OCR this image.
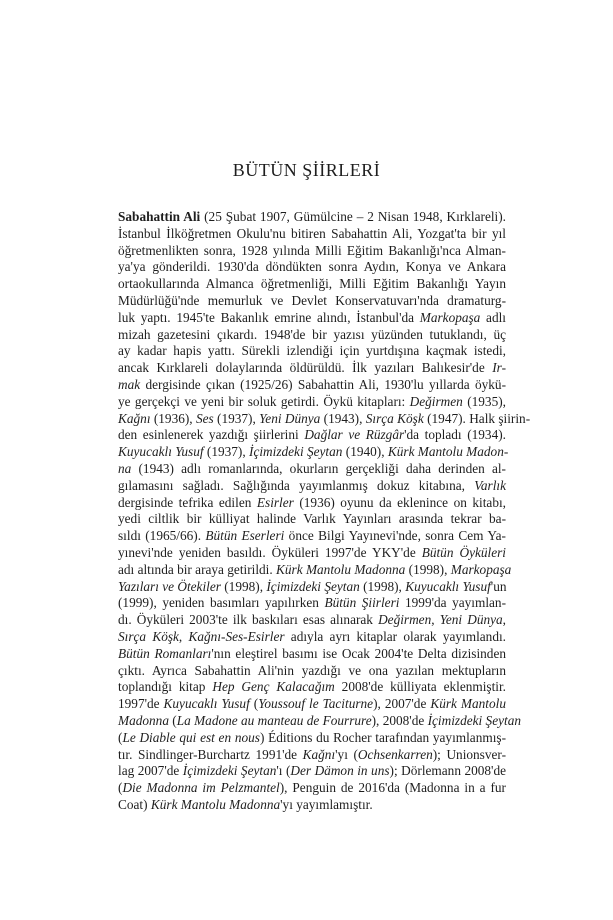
BÜTÜN ŞİİRLERİ
Sabahattin Ali (25 Şubat 1907, Gümülcine – 2 Nisan 1948, Kırklareli).
İstanbul İlköğretmen Okulu'nu bitiren Sabahattin Ali, Yozgat'ta bir yıl
öğretmenlikten sonra, 1928 yılında Milli Eğitim Bakanlığı'nca Alman-
ya'ya gönderildi. 1930'da döndükten sonra Aydın, Konya ve Ankara
ortaokullarında Almanca öğretmenliği, Milli Eğitim Bakanlığı Yayın
Müdürlüğü'nde memurluk ve Devlet Konservatuvarı'nda dramaturg-
luk yaptı. 1945'te Bakanlık emrine alındı, İstanbul'da Markopaşa adlı
mizah gazetesini çıkardı. 1948'de bir yazısı yüzünden tutuklandı, üç
ay kadar hapis yattı. Sürekli izlendiği için yurtdışına kaçmak istedi,
ancak Kırklareli dolaylarında öldürüldü. İlk yazıları Balıkesir'de Ir-
mak dergisinde çıkan (1925/26) Sabahattin Ali, 1930'lu yıllarda öykü-
ye gerçekçi ve yeni bir soluk getirdi. Öykü kitapları: Değirmen (1935),
Kağnı (1936), Ses (1937), Yeni Dünya (1943), Sırça Köşk (1947). Halk şiirin-
den esinlenerek yazdığı şiirlerini Dağlar ve Rüzgâr'da topladı (1934).
Kuyucaklı Yusuf (1937), İçimizdeki Şeytan (1940), Kürk Mantolu Madon-
na (1943) adlı romanlarında, okurların gerçekliği daha derinden al-
gılamasını sağladı. Sağlığında yayımlanmış dokuz kitabına, Varlık
dergisinde tefrika edilen Esirler (1936) oyunu da eklenince on kitabı,
yedi ciltlik bir külliyat halinde Varlık Yayınları arasında tekrar ba-
sıldı (1965/66). Bütün Eserleri önce Bilgi Yayınevi'nde, sonra Cem Ya-
yınevi'nde yeniden basıldı. Öyküleri 1997'de YKY'de Bütün Öyküleri
adı altında bir araya getirildi. Kürk Mantolu Madonna (1998), Markopaşa
Yazıları ve Ötekiler (1998), İçimizdeki Şeytan (1998), Kuyucaklı Yusuf'un
(1999), yeniden basımları yapılırken Bütün Şiirleri 1999'da yayımlan-
dı. Öyküleri 2003'te ilk baskıları esas alınarak Değirmen, Yeni Dünya,
Sırça Köşk, Kağnı-Ses-Esirler adıyla ayrı kitaplar olarak yayımlandı.
Bütün Romanları'nın eleştirel basımı ise Ocak 2004'te Delta dizisinden
çıktı. Ayrıca Sabahattin Ali'nin yazdığı ve ona yazılan mektupların
toplandığı kitap Hep Genç Kalacağım 2008'de külliyata eklenmiştir.
1997'de Kuyucaklı Yusuf (Youssouf le Taciturne), 2007'de Kürk Mantolu
Madonna (La Madone au manteau de Fourrure), 2008'de İçimizdeki Şeytan
(Le Diable qui est en nous) Éditions du Rocher tarafından yayımlanmış-
tır. Sindlinger-Burchartz 1991'de Kağnı'yı (Ochsenkarren); Unionsver-
lag 2007'de İçimizdeki Şeytan'ı (Der Dämon in uns); Dörlemann 2008'de
(Die Madonna im Pelzmantel), Penguin de 2016'da (Madonna in a fur
Coat) Kürk Mantolu Madonna'yı yayımlamıştır.
